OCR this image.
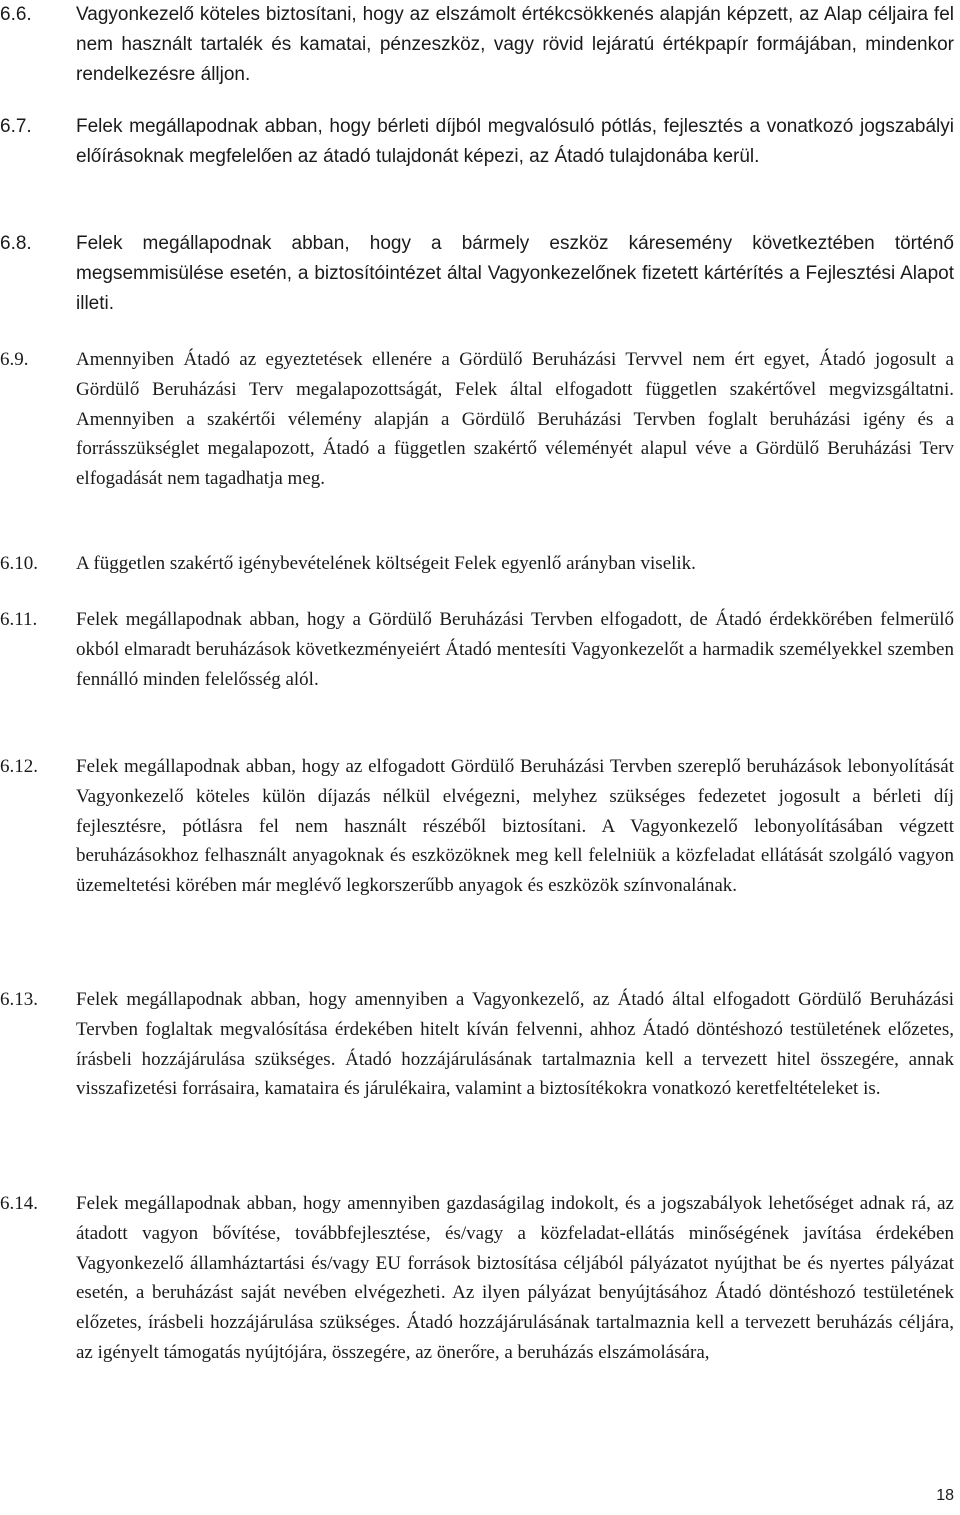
6.6.	Vagyonkezelő köteles biztosítani, hogy az elszámolt értékcsökkenés alapján képzett, az Alap céljaira fel nem használt tartalék és kamatai, pénzeszköz, vagy rövid lejáratú értékpapír formájában, mindenkor rendelkezésre álljon.
6.7.	Felek megállapodnak abban, hogy bérleti díjból megvalósuló pótlás, fejlesztés a vonatkozó jogszabályi előírásoknak megfelelően az átadó tulajdonát képezi, az Átadó tulajdonába kerül.
6.8.	Felek megállapodnak abban, hogy a bármely eszköz káresemény következtében történő megsemmisülése esetén, a biztosítóintézet által Vagyonkezelőnek fizetett kártérítés a Fejlesztési Alapot illeti.
6.9.	Amennyiben Átadó az egyeztetések ellenére a Gördülő Beruházási Tervvel nem ért egyet, Átadó jogosult a Gördülő Beruházási Terv megalapozottságát, Felek által elfogadott független szakértővel megvizsgáltatni. Amennyiben a szakértői vélemény alapján a Gördülő Beruházási Tervben foglalt beruházási igény és a forrásszükséglet megalapozott, Átadó a független szakértő véleményét alapul véve a Gördülő Beruházási Terv elfogadását nem tagadhatja meg.
6.10.	A független szakértő igénybevételének költségeit Felek egyenlő arányban viselik.
6.11.	Felek megállapodnak abban, hogy a Gördülő Beruházási Tervben elfogadott, de Átadó érdekkörében felmerülő okból elmaradt beruházások következményeiért Átadó mentesíti Vagyonkezelőt a harmadik személyekkel szemben fennálló minden felelősség alól.
6.12.	Felek megállapodnak abban, hogy az elfogadott Gördülő Beruházási Tervben szereplő beruházások lebonyolítását Vagyonkezelő köteles külön díjazás nélkül elvégezni, melyhez szükséges fedezetet jogosult a bérleti díj fejlesztésre, pótlásra fel nem használt részéből biztosítani. A Vagyonkezelő lebonyolításában végzett beruházásokhoz felhasznált anyagoknak és eszközöknek meg kell felelniük a közfeladat ellátását szolgáló vagyon üzemeltetési körében már meglévő legkorszerűbb anyagok és eszközök színvonalának.
6.13.	Felek megállapodnak abban, hogy amennyiben a Vagyonkezelő, az Átadó által elfogadott Gördülő Beruházási Tervben foglaltak megvalósítása érdekében hitelt kíván felvenni, ahhoz Átadó döntéshozó testületének előzetes, írásbeli hozzájárulása szükséges. Átadó hozzájárulásának tartalmaznia kell a tervezett hitel összegére, annak visszafizetési forrásaira, kamataira és járulékaira, valamint a biztosítékokra vonatkozó keretfeltételeket is.
6.14.	Felek megállapodnak abban, hogy amennyiben gazdaságilag indokolt, és a jogszabályok lehetőséget adnak rá, az átadott vagyon bővítése, továbbfejlesztése, és/vagy a közfeladat-ellátás minőségének javítása érdekében Vagyonkezelő államháztartási és/vagy EU források biztosítása céljából pályázatot nyújthat be és nyertes pályázat esetén, a beruházást saját nevében elvégezheti. Az ilyen pályázat benyújtásához Átadó döntéshozó testületének előzetes, írásbeli hozzájárulása szükséges. Átadó hozzájárulásának tartalmaznia kell a tervezett beruházás céljára, az igényelt támogatás nyújtójára, összegére, az önerőre, a beruházás elszámolására,
18
